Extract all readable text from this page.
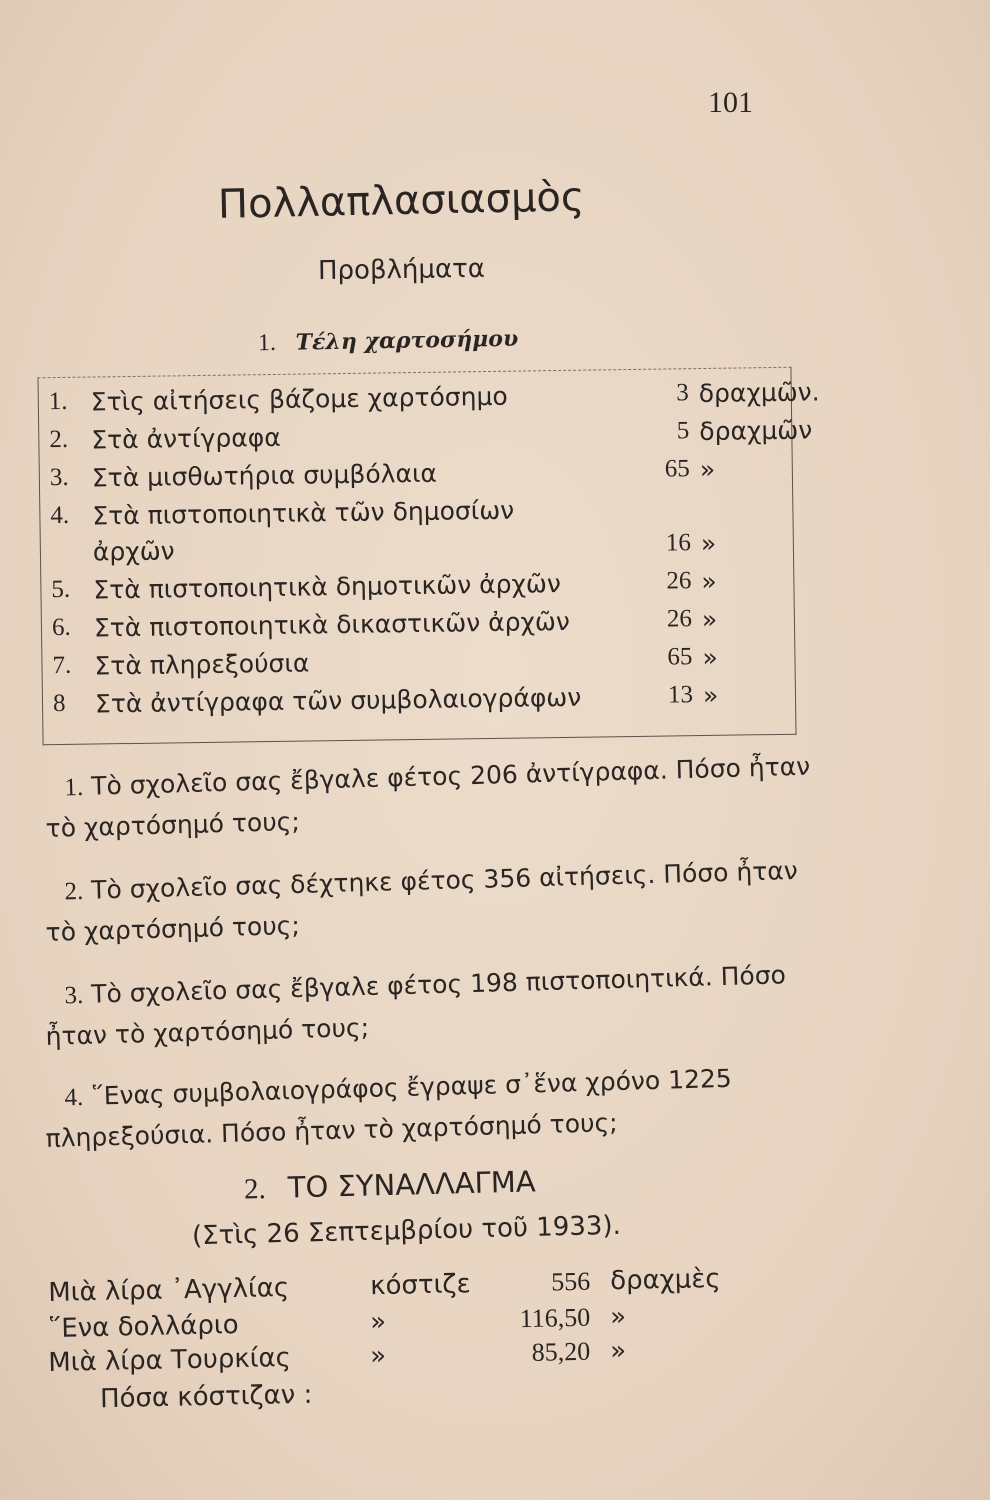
101
Πολλαπλασιασμὸς
Προβλήματα
1. Τέλη χαρτοσήμου
1. Στὶς αἰτήσεις βάζομε χαρτόσημο	3 δραχμῶν.
2. Στὰ ἀντίγραφα	5 δραχμῶν
3. Στὰ μισθωτήρια συμβόλαια	65 »
4. Στὰ πιστοποιητικὰ τῶν δημοσίων
ἀρχῶν	16 »
5. Στὰ πιστοποιητικὰ δημοτικῶν ἀρχῶν	26 »
6. Στὰ πιστοποιητικὰ δικαστικῶν ἀρχῶν	26 »
7. Στὰ πληρεξούσια	65 »
8 Στὰ ἀντίγραφα τῶν συμβολαιογράφων	13 »
1. Τὸ σχολεῖο σας ἔβγαλε φέτος 206 ἀντίγραφα. Πόσο ἦταν τὸ χαρτόσημό τους;
2. Τὸ σχολεῖο σας δέχτηκε φέτος 356 αἰτήσεις. Πόσο ἦταν τὸ χαρτόσημό τους;
3. Τὸ σχολεῖο σας ἔβγαλε φέτος 198 πιστοποιητικά. Πόσο ἦταν τὸ χαρτόσημό τους;
4. ῞Ενας συμβολαιογράφος ἔγραψε σ᾽ἕνα χρόνο 1225 πληρεξούσια. Πόσο ἦταν τὸ χαρτόσημό τους;
2. ΤΟ ΣΥΝΑΛΛΑΓΜΑ
(Στὶς 26 Σεπτεμβρίου τοῦ 1933).
Μιὰ λίρα ᾽Αγγλίας	κόστιζε	556 δραχμὲς
῞Ενα δολλάριο	»	116,50 »
Μιὰ λίρα Τουρκίας	»	85,20 »
Πόσα κόστιζαν :
